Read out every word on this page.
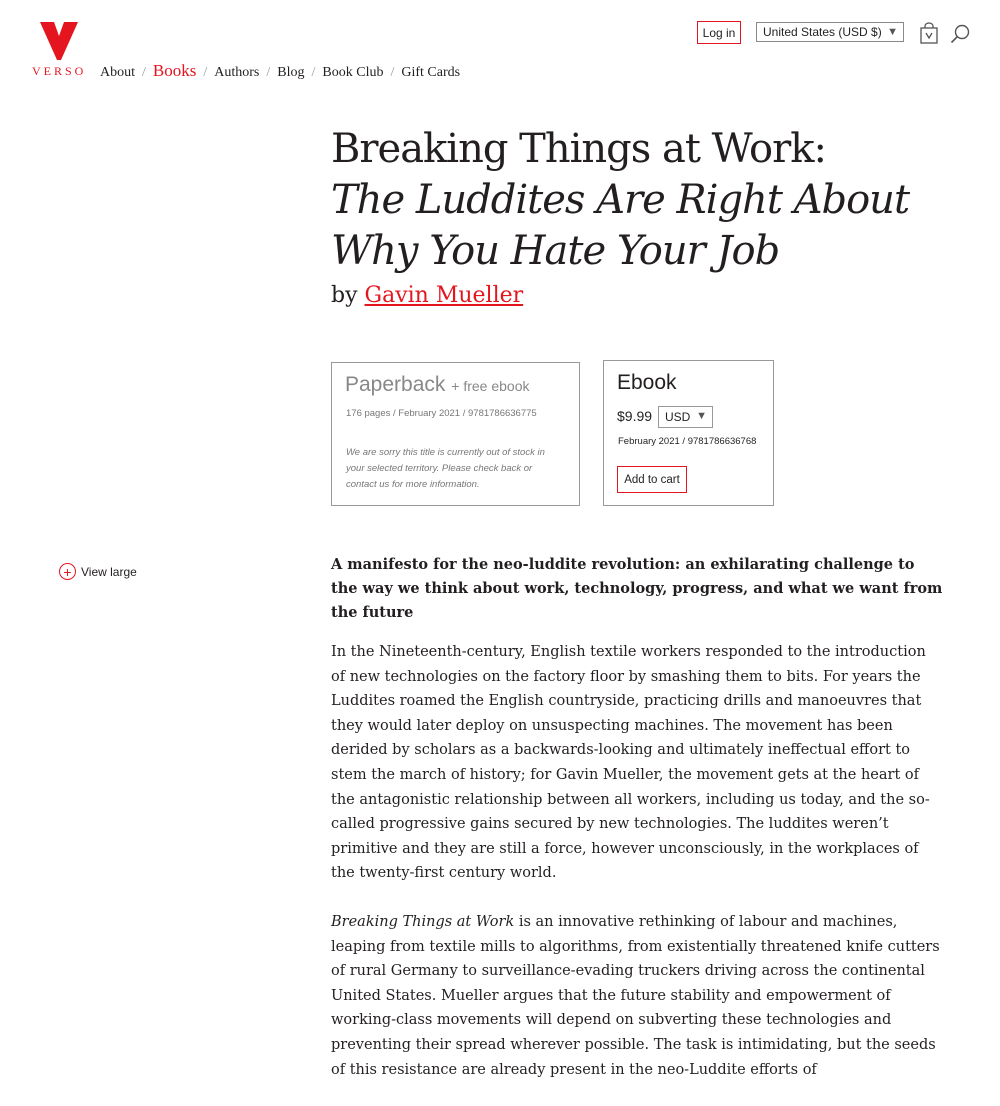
VERSO About / Books / Authors / Blog / Book Club / Gift Cards
Log in	United States (USD $) ▼
+ View large
Breaking Things at Work:
The Luddites Are Right About Why You Hate Your Job
by Gavin Mueller
Paperback + free ebook
176 pages / February 2021 / 9781786636775
We are sorry this title is currently out of stock in your selected territory. Please check back or contact us for more information.
Ebook
$9.99 USD ▼
February 2021 / 9781786636768
Add to cart

A manifesto for the neo-luddite revolution: an exhilarating challenge to the way we think about work, technology, progress, and what we want from the future

In the Nineteenth-century, English textile workers responded to the introduction of new technologies on the factory floor by smashing them to bits. For years the Luddites roamed the English countryside, practicing drills and manoeuvres that they would later deploy on unsuspecting machines. The movement has been derided by scholars as a backwards-looking and ultimately ineffectual effort to stem the march of history; for Gavin Mueller, the movement gets at the heart of the antagonistic relationship between all workers, including us today, and the so-called progressive gains secured by new technologies. The luddites weren’t primitive and they are still a force, however unconsciously, in the workplaces of the twenty-first century world.

Breaking Things at Work is an innovative rethinking of labour and machines, leaping from textile mills to algorithms, from existentially threatened knife cutters of rural Germany to surveillance-evading truckers driving across the continental United States. Mueller argues that the future stability and empowerment of working-class movements will depend on subverting these technologies and preventing their spread wherever possible. The task is intimidating, but the seeds of this resistance are already present in the neo-Luddite efforts of
